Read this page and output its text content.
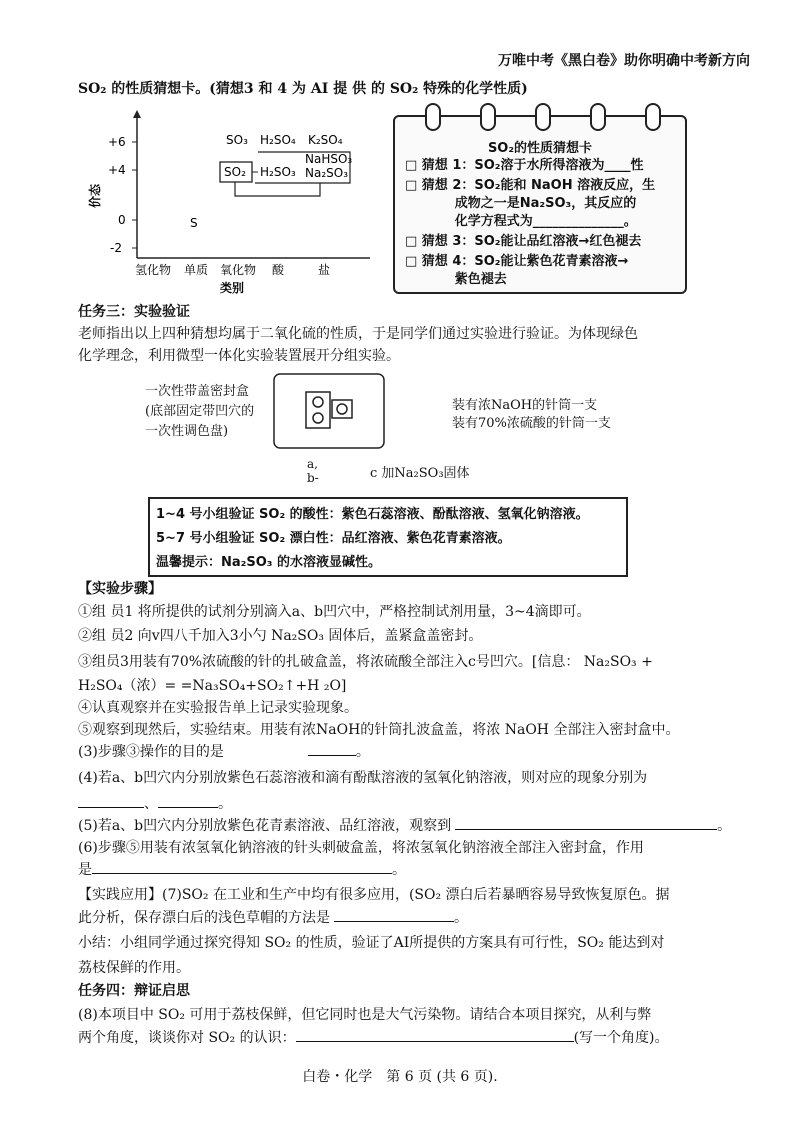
万唯中考《黑白卷》助你明确中考新方向
SO₂ 的性质猜想卡。(猜想3 和 4 为 AI 提 供 的 SO₂ 特殊的化学性质)
+6
+4
0
-2
价态
氢化物 单质 氧化物 酸	盐
类别
S
SO₃ H₂SO₄ K₂SO₄
SO₂ H₂SO₃
NaHSO₃
Na₂SO₃
SO₂的性质猜想卡
□ 猜想 1：SO₂溶于水所得溶液为____性
□ 猜想 2：SO₂能和 NaOH 溶液反应，生
成物之一是Na₂SO₃，其反应的
化学方程式为______________。
□ 猜想 3：SO₂能让品红溶液→红色褪去
□ 猜想 4：SO₂能让紫色花青素溶液→
紫色褪去
任务三：实验验证
老师指出以上四种猜想均属于二氧化硫的性质，于是同学们通过实验进行验证。为体现绿色
化学理念，利用微型一体化实验装置展开分组实验。
一次性带盖密封盒
(底部固定带凹穴的
一次性调色盘)
装有浓NaOH的针筒一支
装有70%浓硫酸的针筒一支
a,
b-	c 加Na₂SO₃固体
1~4 号小组验证 SO₂ 的酸性：紫色石蕊溶液、酚酞溶液、氢氧化钠溶液。
5~7 号小组验证 SO₂ 漂白性：品红溶液、紫色花青素溶液。
温馨提示：Na₂SO₃ 的水溶液显碱性。
【实验步骤】
①组 员1 将所提供的试剂分别滴入a、b凹穴中，严格控制试剂用量，3~4滴即可。
②组 员2 向v四八千加入3小勺 Na₂SO₃ 固体后，盖紧盒盖密封。
③组员3用装有70%浓硫酸的针的扎破盒盖，将浓硫酸全部注入c号凹穴。[信息： Na₂SO₃ +
H₂SO₄（浓）= =Na₃SO₄+SO₂↑+H ₂O]
④认真观察并在实验报告单上记录实验现象。
⑤观察到现然后，实验结束。用装有浓NaOH的针筒扎波盒盖，将浓 NaOH 全部注入密封盒中。
(3)步骤③操作的目的是	。
(4)若a、b凹穴内分别放紫色石蕊溶液和滴有酚酞溶液的氢氧化钠溶液，则对应的现象分别为
、	。
(5)若a、b凹穴内分别放紫色花青素溶液、品红溶液，观察到	。
(6)步骤⑤用装有浓氢氧化钠溶液的针头刺破盒盖，将浓氢氧化钠溶液全部注入密封盒，作用
是	。
【实践应用】(7)SO₂ 在工业和生产中均有很多应用，(SO₂ 漂白后若暴晒容易导致恢复原色。据
此分析，保存漂白后的浅色草帽的方法是	。
小结：小组同学通过探究得知 SO₂ 的性质，验证了AI所提供的方案具有可行性，SO₂ 能达到对
荔枝保鲜的作用。
任务四：辩证启思
(8)本项目中 SO₂ 可用于荔枝保鲜，但它同时也是大气污染物。请结合本项目探究，从利与弊
两个角度，谈谈你对 SO₂ 的认识：	(写一个角度)。
白卷・化学　第 6 页 (共 6 页).
